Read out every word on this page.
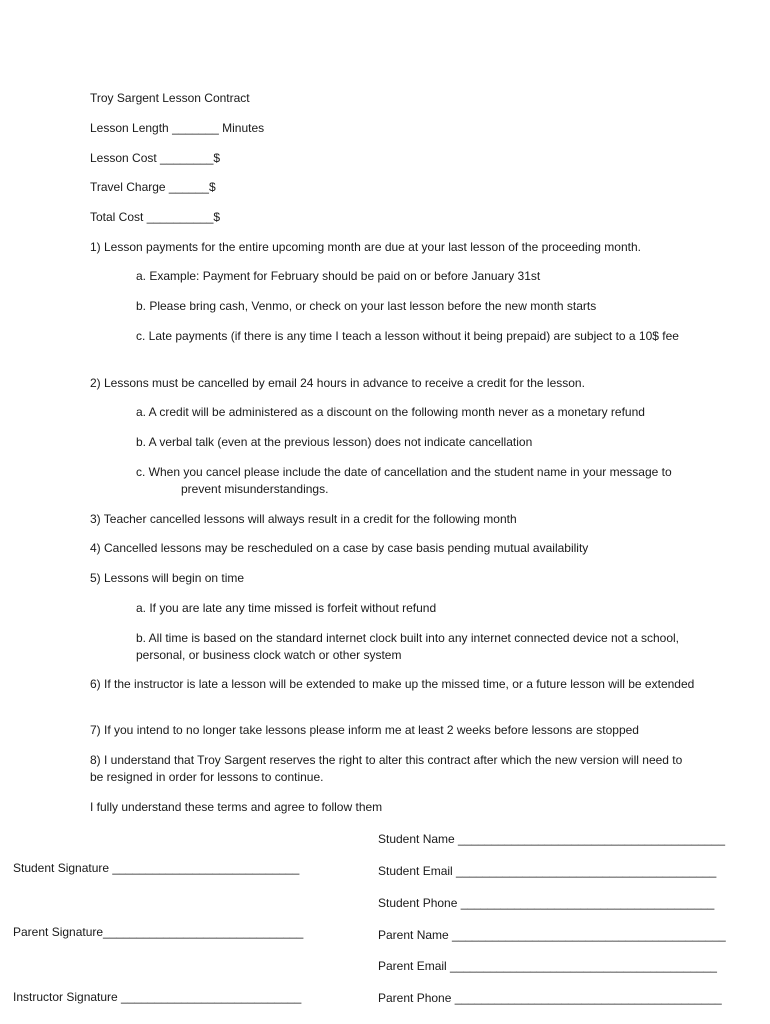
Troy Sargent Lesson Contract
Lesson Length _______ Minutes
Lesson Cost ________$
Travel Charge ______$
Total Cost __________$
1) Lesson payments for the entire upcoming month are due at your last lesson of the proceeding month.
a. Example: Payment for February should be paid on or before January 31st
b. Please bring cash, Venmo, or check on your last lesson before the new month starts
c. Late payments (if there is any time I teach a lesson without it being prepaid) are subject to a 10$ fee
2) Lessons must be cancelled by email 24 hours in advance to receive a credit for the lesson.
a. A credit will be administered as a discount on the following month never as a monetary refund
b. A verbal talk (even at the previous lesson) does not indicate cancellation
c. When you cancel please include the date of cancellation and the student name in your message to prevent misunderstandings.
3) Teacher cancelled lessons will always result in a credit for the following month
4) Cancelled lessons may be rescheduled on a case by case basis pending mutual availability
5) Lessons will begin on time
a. If you are late any time missed is forfeit without refund
b. All time is based on the standard internet clock built into any internet connected device not a school, personal, or business clock watch or other system
6) If the instructor is late a lesson will be extended to make up the missed time, or a future lesson will be extended
7) If you intend to no longer take lessons please inform me at least 2 weeks before lessons are stopped
8) I understand that Troy Sargent reserves the right to alter this contract after which the new version will need to be resigned in order for lessons to continue.
I fully understand these terms and agree to follow them
Student Name ________________________________________
Student Signature ____________________________	Student Email _______________________________________
Student Phone ______________________________________
Parent Signature______________________________	Parent Name _________________________________________
Parent Email ________________________________________
Instructor Signature ___________________________	Parent Phone ________________________________________
